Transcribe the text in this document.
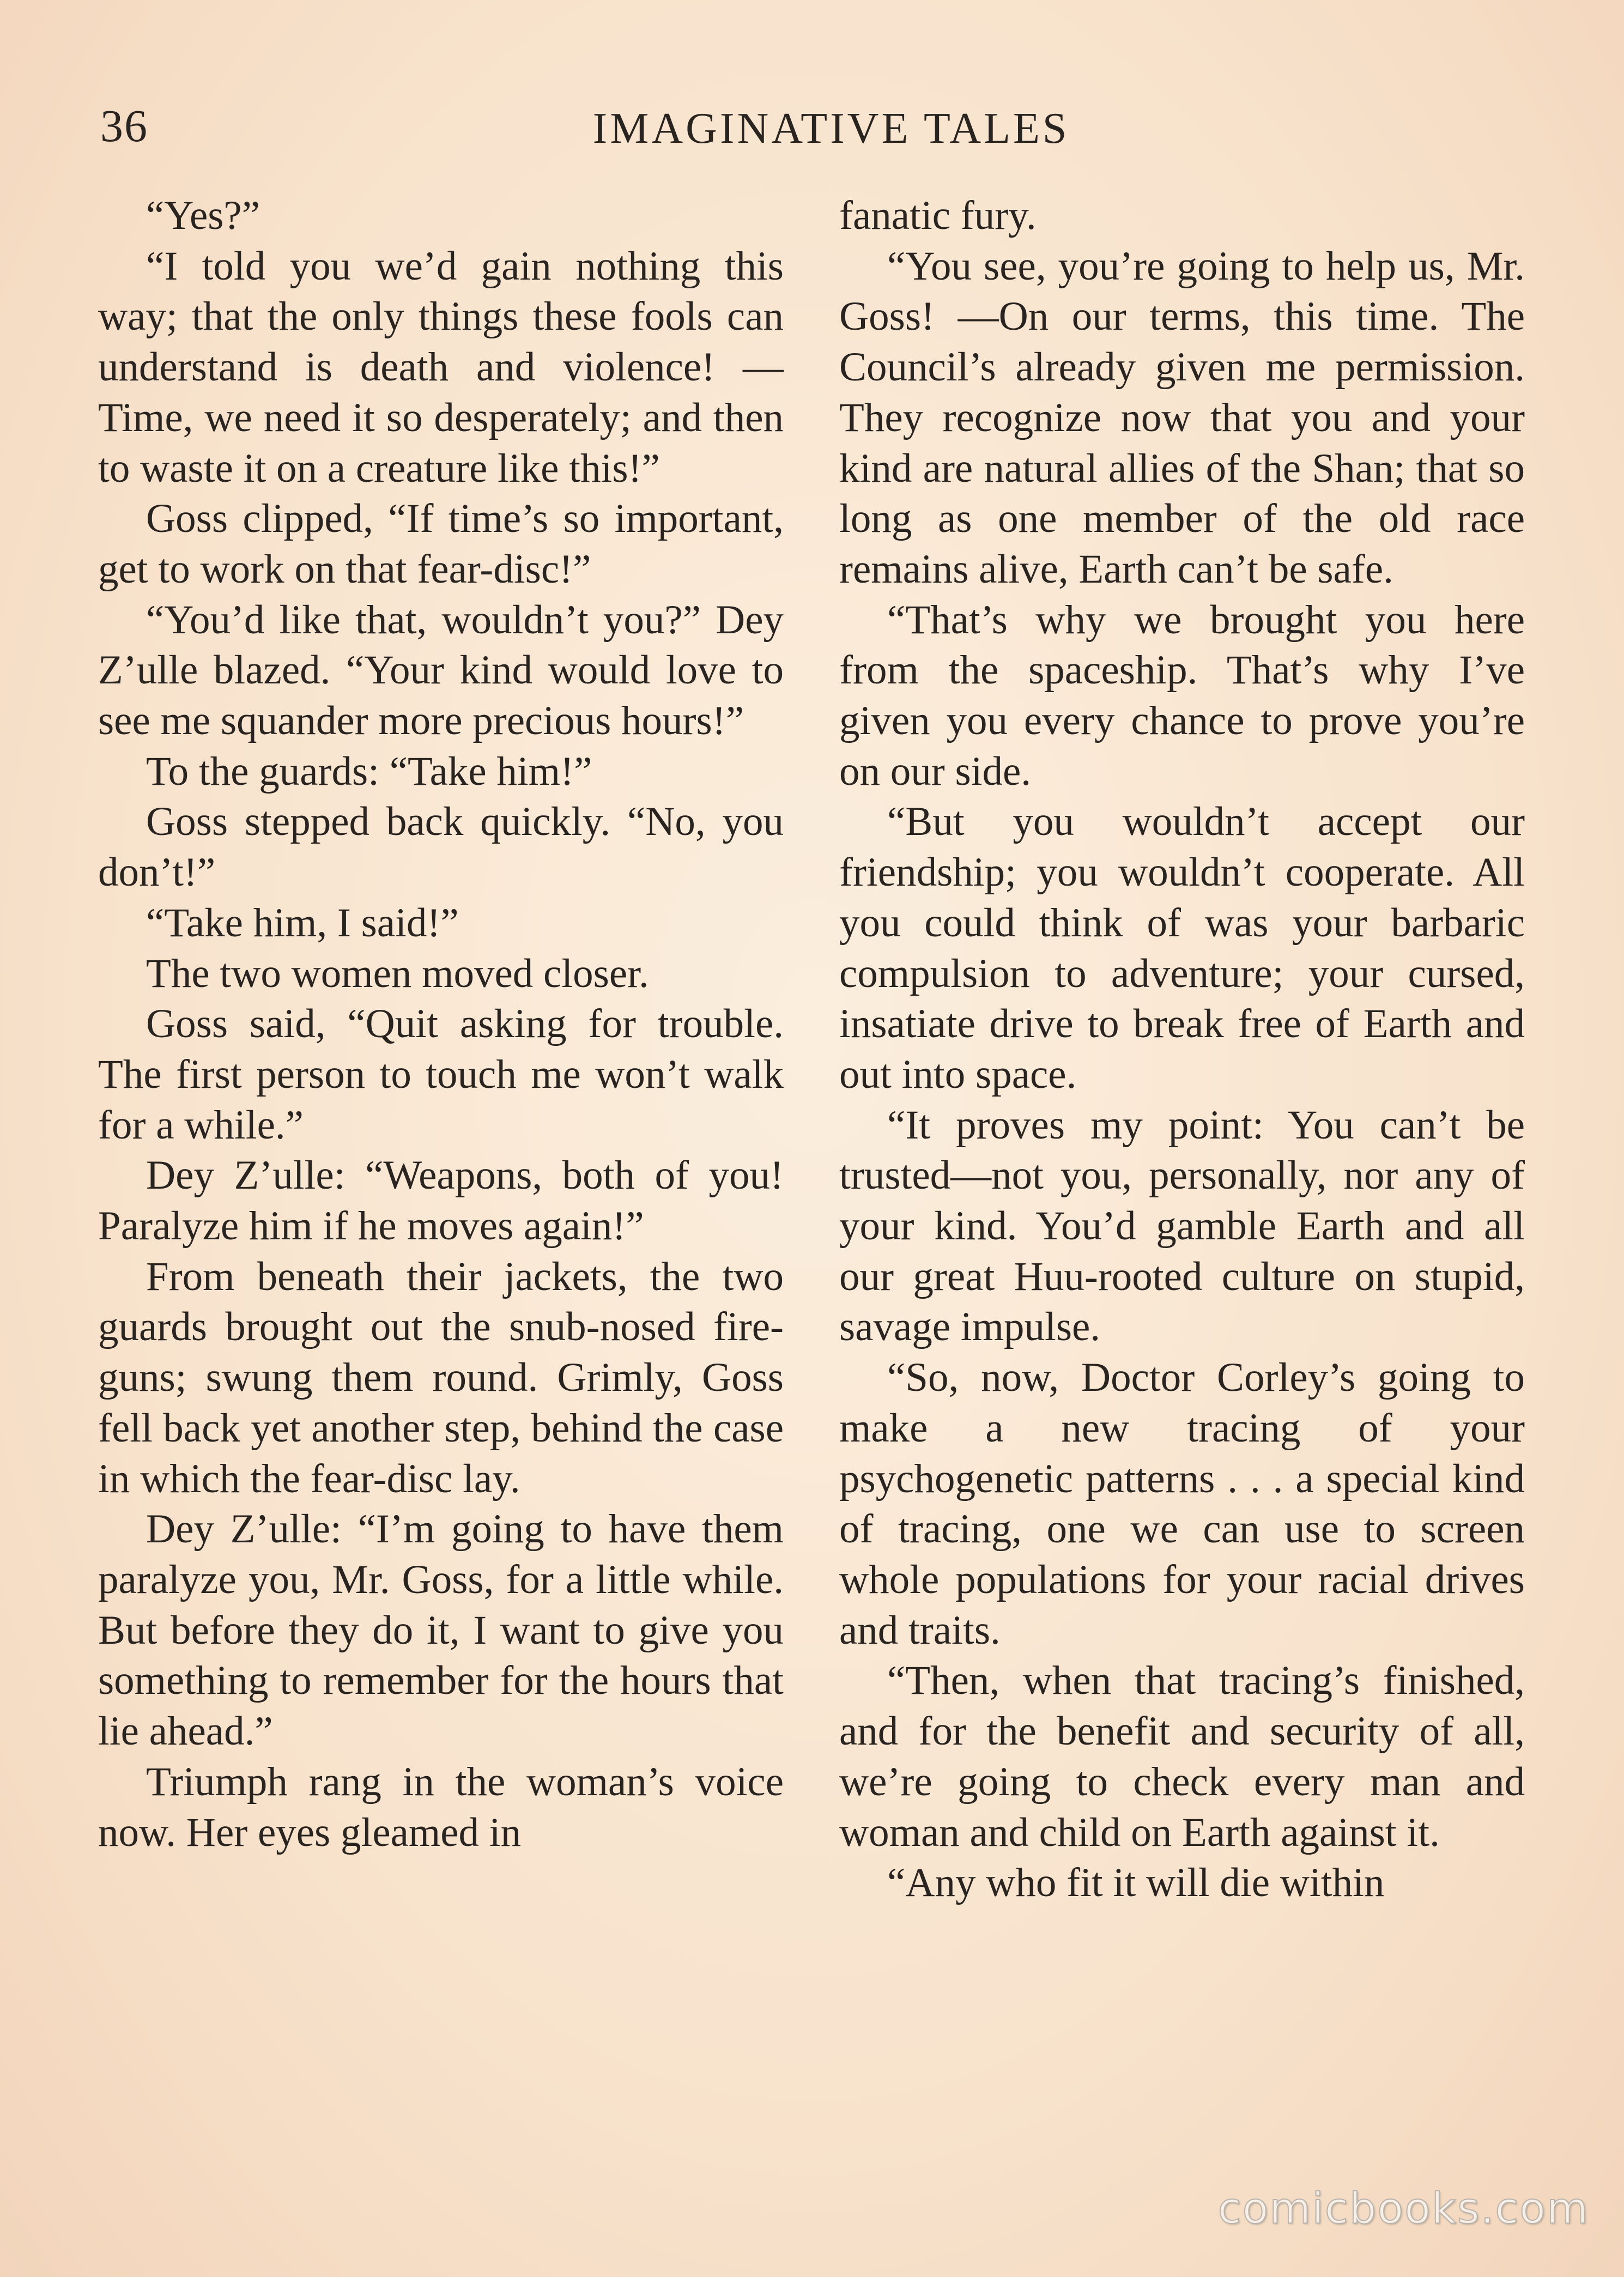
36	IMAGINATIVE TALES

“Yes?”

“I told you we’d gain nothing this way; that the only things these fools can understand is death and violence! —Time, we need it so desperately; and then to waste it on a creature like this!”

Goss clipped, “If time’s so important, get to work on that fear-disc!”

“You’d like that, wouldn’t you?” Dey Z’ulle blazed. “Your kind would love to see me squander more precious hours!”

To the guards: “Take him!”

Goss stepped back quickly. “No, you don’t!”

“Take him, I said!”

The two women moved closer.

Goss said, “Quit asking for trouble. The first person to touch me won’t walk for a while.”

Dey Z’ulle: “Weapons, both of you! Paralyze him if he moves again!”

From beneath their jackets, the two guards brought out the snub-nosed fire-guns; swung them round. Grimly, Goss fell back yet another step, behind the case in which the fear-disc lay.

Dey Z’ulle: “I’m going to have them paralyze you, Mr. Goss, for a little while. But before they do it, I want to give you something to remember for the hours that lie ahead.”

Triumph rang in the woman’s voice now. Her eyes gleamed in

fanatic fury.

“You see, you’re going to help us, Mr. Goss! —On our terms, this time. The Council’s already given me permission. They recognize now that you and your kind are natural allies of the Shan; that so long as one member of the old race remains alive, Earth can’t be safe.

“That’s why we brought you here from the spaceship. That’s why I’ve given you every chance to prove you’re on our side.

“But you wouldn’t accept our friendship; you wouldn’t cooperate. All you could think of was your barbaric compulsion to adventure; your cursed, insatiate drive to break free of Earth and out into space.

“It proves my point: You can’t be trusted—not you, personally, nor any of your kind. You’d gamble Earth and all our great Huu-rooted culture on stupid, savage impulse.

“So, now, Doctor Corley’s going to make a new tracing of your psychogenetic patterns . . . a special kind of tracing, one we can use to screen whole populations for your racial drives and traits.

“Then, when that tracing’s finished, and for the benefit and security of all, we’re going to check every man and woman and child on Earth against it.

“Any who fit it will die within

comicbooks.com
